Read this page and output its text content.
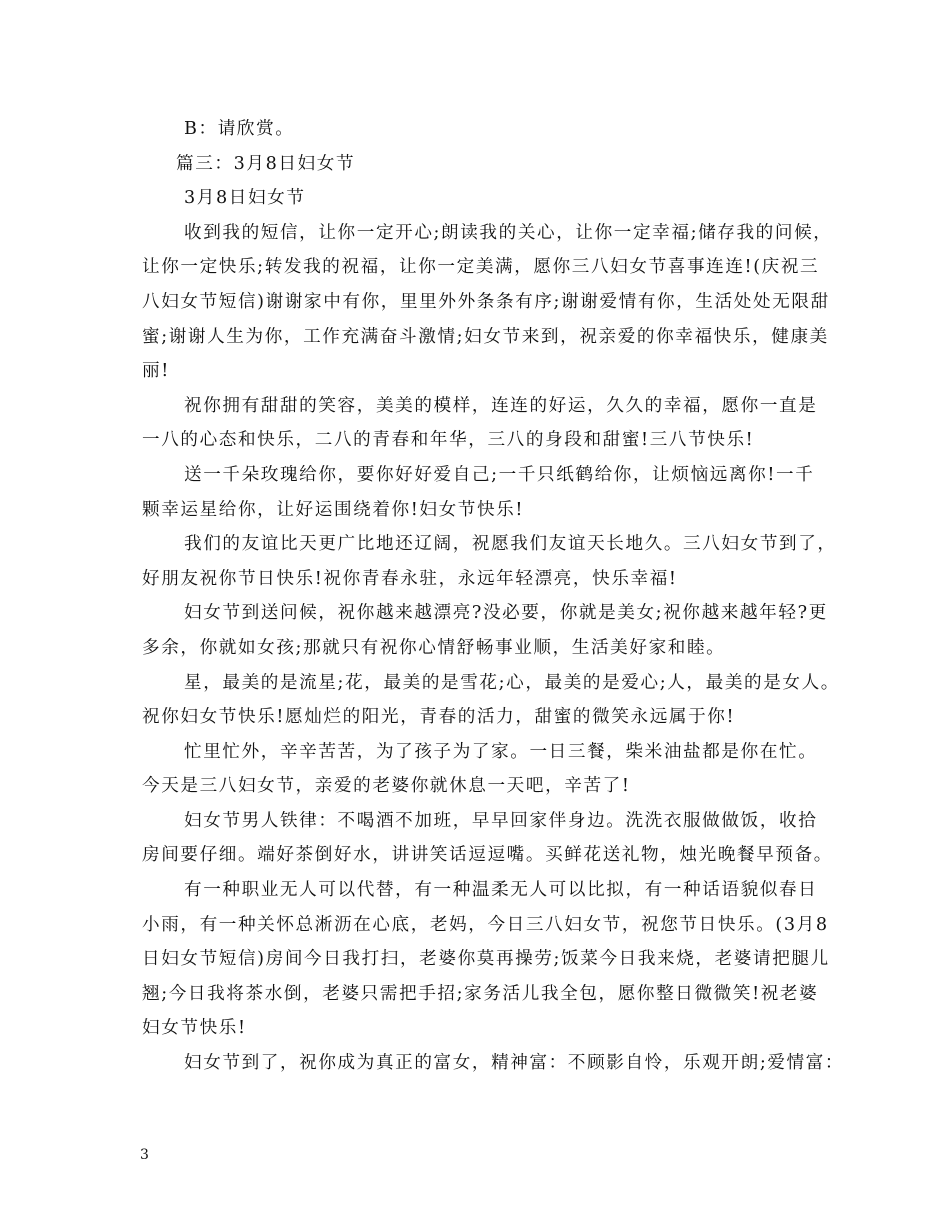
B：请欣赏。
篇三：3月8日妇女节
3月8日妇女节
收到我的短信，让你一定开心;朗读我的关心，让你一定幸福;储存我的问候，
让你一定快乐;转发我的祝福，让你一定美满，愿你三八妇女节喜事连连!(庆祝三
八妇女节短信)谢谢家中有你，里里外外条条有序;谢谢爱情有你，生活处处无限甜
蜜;谢谢人生为你，工作充满奋斗激情;妇女节来到，祝亲爱的你幸福快乐，健康美
丽!
祝你拥有甜甜的笑容，美美的模样，连连的好运，久久的幸福，愿你一直是
一八的心态和快乐，二八的青春和年华，三八的身段和甜蜜!三八节快乐!
送一千朵玫瑰给你，要你好好爱自己;一千只纸鹤给你，让烦恼远离你!一千
颗幸运星给你，让好运围绕着你!妇女节快乐!
我们的友谊比天更广比地还辽阔，祝愿我们友谊天长地久。三八妇女节到了，
好朋友祝你节日快乐!祝你青春永驻，永远年轻漂亮，快乐幸福!
妇女节到送问候，祝你越来越漂亮?没必要，你就是美女;祝你越来越年轻?更
多余，你就如女孩;那就只有祝你心情舒畅事业顺，生活美好家和睦。
星，最美的是流星;花，最美的是雪花;心，最美的是爱心;人，最美的是女人。
祝你妇女节快乐!愿灿烂的阳光，青春的活力，甜蜜的微笑永远属于你!
忙里忙外，辛辛苦苦，为了孩子为了家。一日三餐，柴米油盐都是你在忙。
今天是三八妇女节，亲爱的老婆你就休息一天吧，辛苦了!
妇女节男人铁律：不喝酒不加班，早早回家伴身边。洗洗衣服做做饭，收拾
房间要仔细。端好茶倒好水，讲讲笑话逗逗嘴。买鲜花送礼物，烛光晚餐早预备。
有一种职业无人可以代替，有一种温柔无人可以比拟，有一种话语貌似春日
小雨，有一种关怀总淅沥在心底，老妈，今日三八妇女节，祝您节日快乐。(3月8
日妇女节短信)房间今日我打扫，老婆你莫再操劳;饭菜今日我来烧，老婆请把腿儿
翘;今日我将茶水倒，老婆只需把手招;家务活儿我全包，愿你整日微微笑!祝老婆
妇女节快乐!
妇女节到了，祝你成为真正的富女，精神富：不顾影自怜，乐观开朗;爱情富：
3
